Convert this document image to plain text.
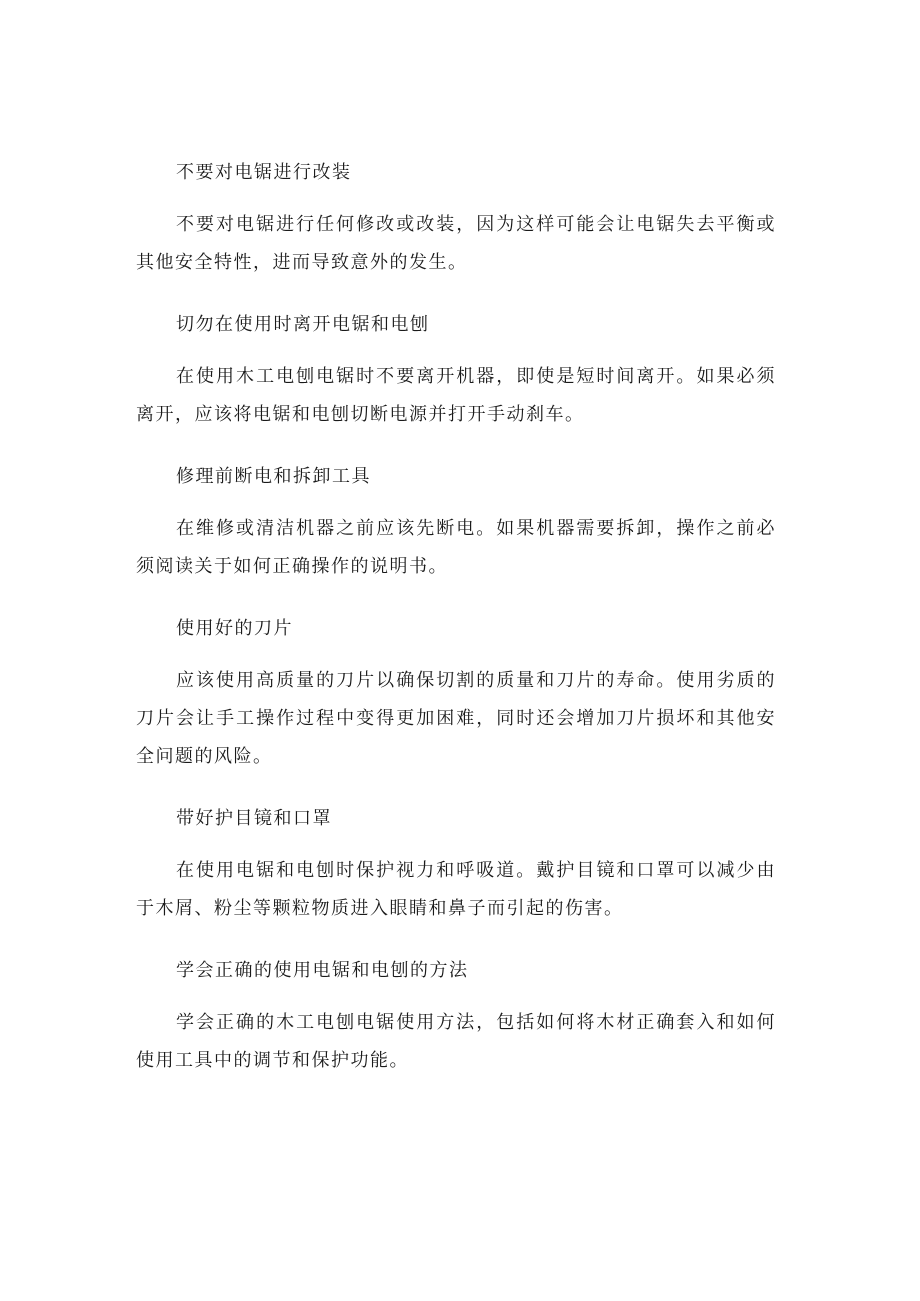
不要对电锯进行改装

不要对电锯进行任何修改或改装，因为这样可能会让电锯失去平衡或其他安全特性，进而导致意外的发生。

切勿在使用时离开电锯和电刨

在使用木工电刨电锯时不要离开机器，即使是短时间离开。如果必须离开，应该将电锯和电刨切断电源并打开手动刹车。

修理前断电和拆卸工具

在维修或清洁机器之前应该先断电。如果机器需要拆卸，操作之前必须阅读关于如何正确操作的说明书。

使用好的刀片

应该使用高质量的刀片以确保切割的质量和刀片的寿命。使用劣质的刀片会让手工操作过程中变得更加困难，同时还会增加刀片损坏和其他安全问题的风险。

带好护目镜和口罩

在使用电锯和电刨时保护视力和呼吸道。戴护目镜和口罩可以减少由于木屑、粉尘等颗粒物质进入眼睛和鼻子而引起的伤害。

学会正确的使用电锯和电刨的方法

学会正确的木工电刨电锯使用方法，包括如何将木材正确套入和如何使用工具中的调节和保护功能。
